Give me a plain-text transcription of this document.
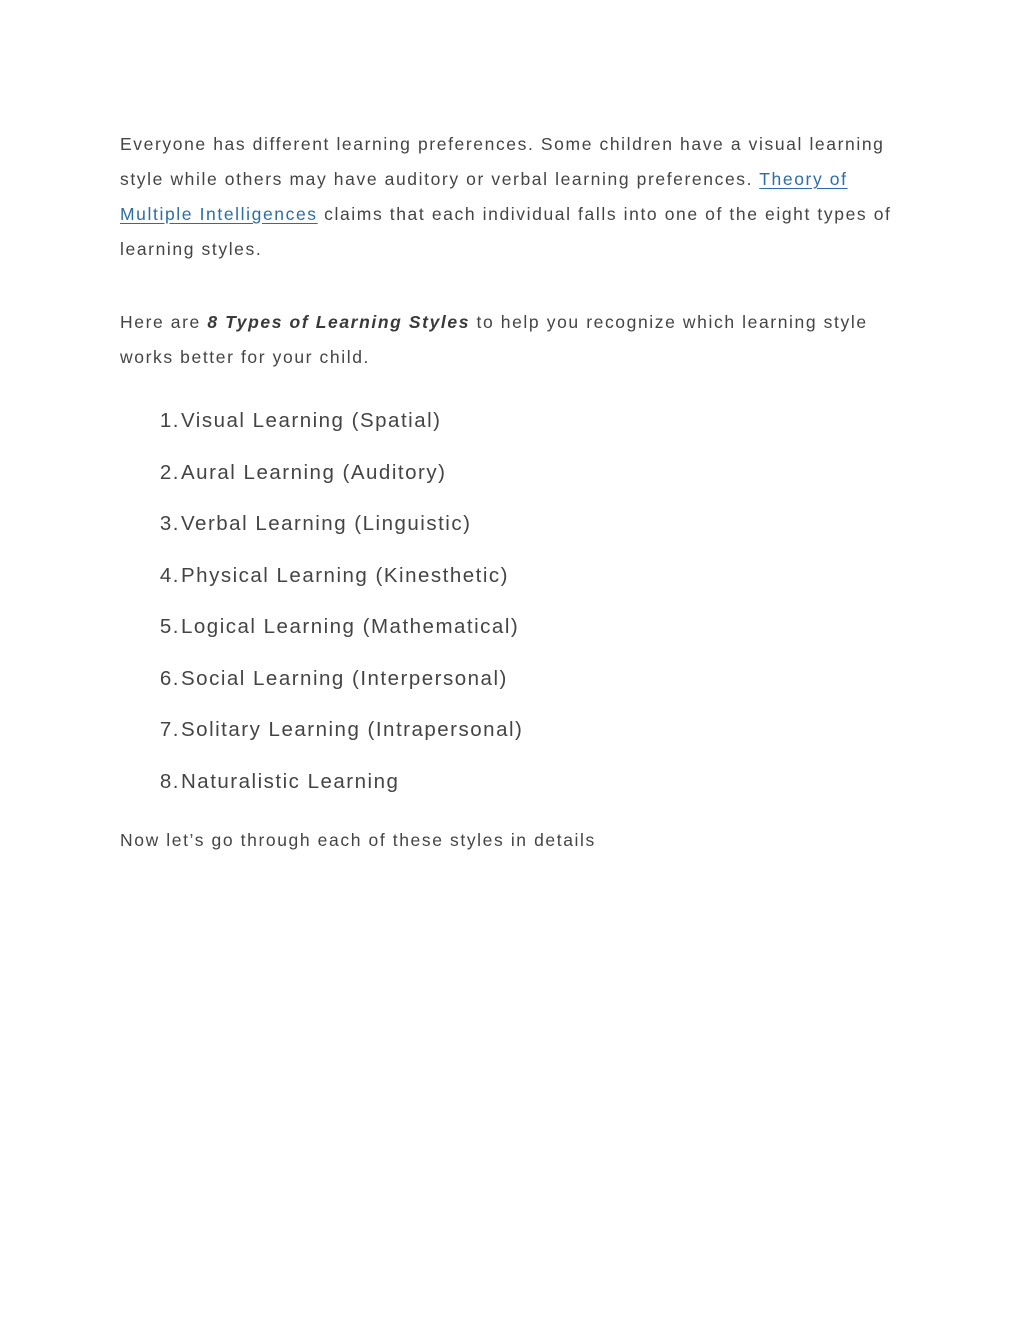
Everyone has different learning preferences. Some children have a visual learning style while others may have auditory or verbal learning preferences. Theory of Multiple Intelligences claims that each individual falls into one of the eight types of learning styles.

Here are 8 Types of Learning Styles to help you recognize which learning style works better for your child.

1. Visual Learning (Spatial)
2. Aural Learning (Auditory)
3. Verbal Learning (Linguistic)
4. Physical Learning (Kinesthetic)
5. Logical Learning (Mathematical)
6. Social Learning (Interpersonal)
7. Solitary Learning (Intrapersonal)
8. Naturalistic Learning

Now let’s go through each of these styles in details
